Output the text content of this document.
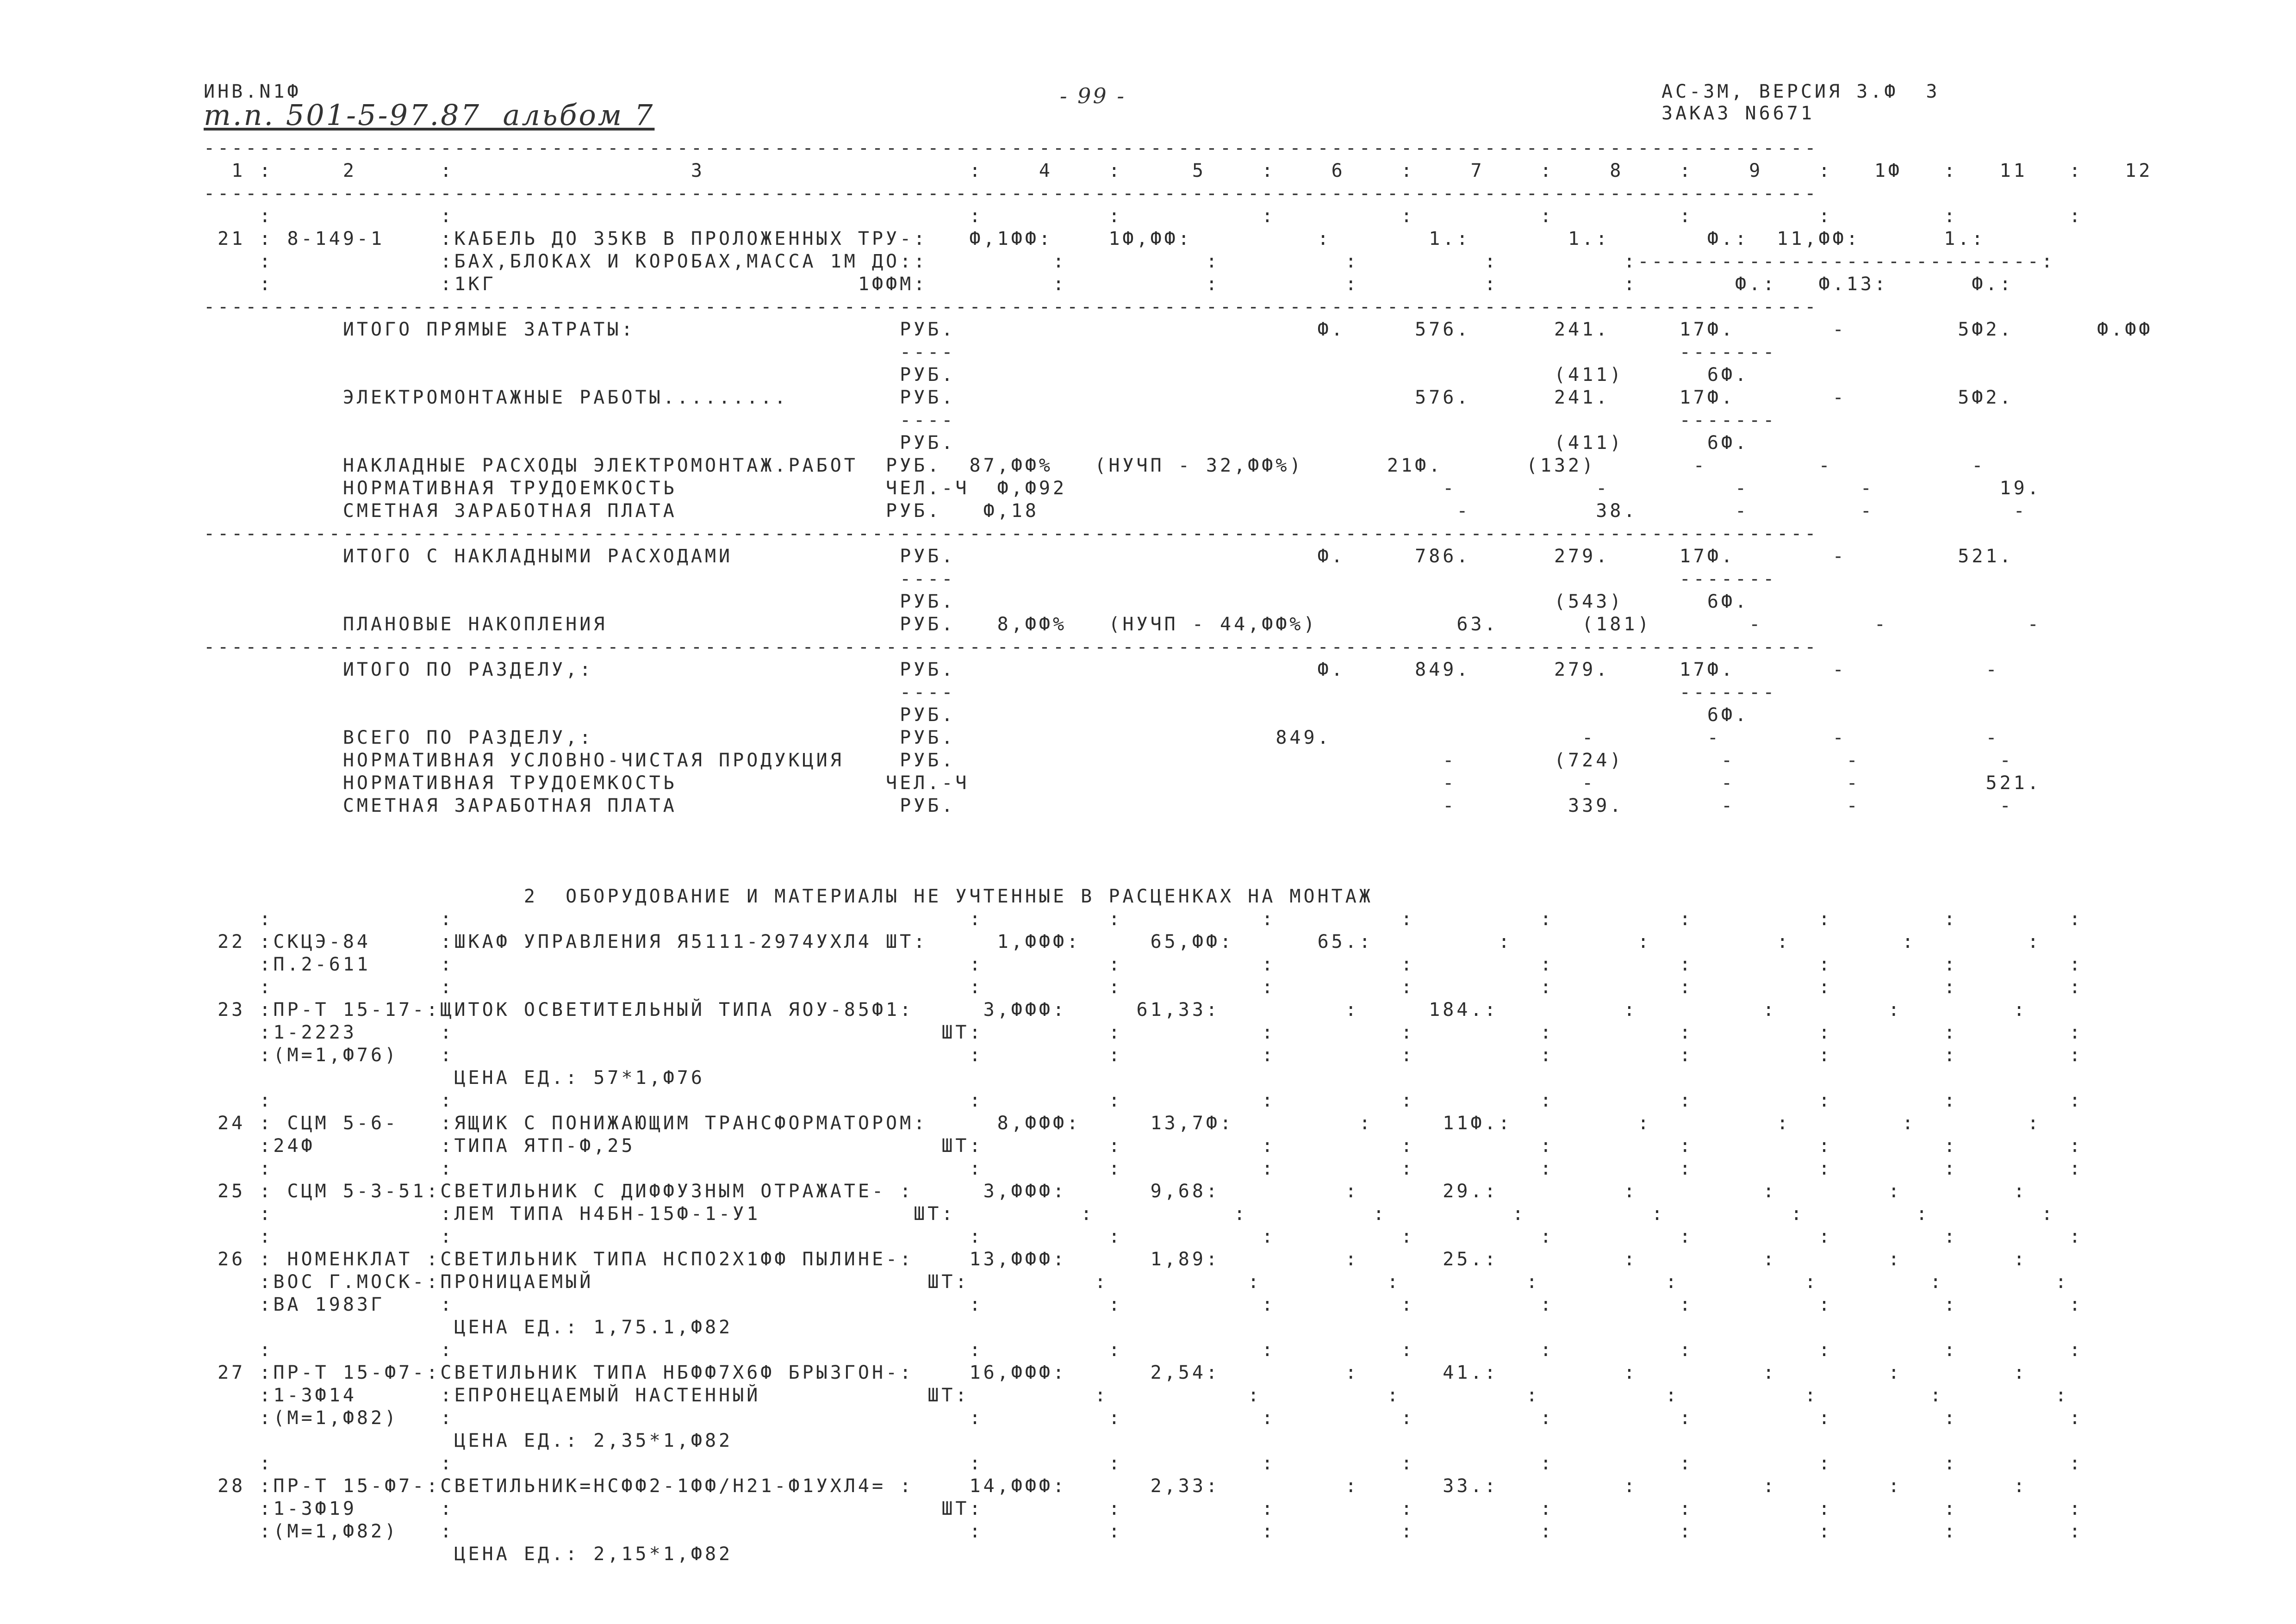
ИНВ.N1Ф	- 99 -	АС-3М, ВЕРСИЯ 3.Ф  3
ЗАКАЗ N6671
т.п. 501-5-97.87  альбом 7
--------------------------------------------------------------------------------------------------------------------
1 :     2      :                 3                   :    4    :     5    :    6    :    7    :    8    :    9    :   1Ф   :   11   :   12
--------------------------------------------------------------------------------------------------------------------
:            :                                     :         :          :         :         :         :         :        :        :
21 : 8-149-1    :КАБЕЛЬ ДО 35КВ В ПРОЛОЖЕННЫХ ТРУ-:   Ф,1ФФ:    1Ф,ФФ:         :       1.:       1.:       Ф.:  11,ФФ:      1.:
:            :БАХ,БЛОКАХ И КОРОБАХ,МАССА 1М ДО::         :          :         :         :         :-----------------------------:
:            :1КГ                          1ФФМ:         :          :         :         :         :       Ф.:   Ф.13:      Ф.:
--------------------------------------------------------------------------------------------------------------------
ИТОГО ПРЯМЫЕ ЗАТРАТЫ:                   РУБ.                          Ф.     576.      241.     17Ф.       -        5Ф2.      Ф.ФФ
----                                                    -------
РУБ.                                           (411)      6Ф.
ЭЛЕКТРОМОНТАЖНЫЕ РАБОТЫ.........        РУБ.                                 576.      241.     17Ф.       -        5Ф2.
----                                                    -------
РУБ.                                           (411)      6Ф.
НАКЛАДНЫЕ РАСХОДЫ ЭЛЕКТРОМОНТАЖ.РАБОТ  РУБ.  87,ФФ%   (НУЧП - 32,ФФ%)      21Ф.      (132)       -        -          -
НОРМАТИВНАЯ ТРУДОЕМКОСТЬ               ЧЕЛ.-Ч  Ф,Ф92                           -          -         -        -         19.
СМЕТНАЯ ЗАРАБОТНАЯ ПЛАТА               РУБ.   Ф,18                              -         38.       -        -          -
--------------------------------------------------------------------------------------------------------------------
ИТОГО С НАКЛАДНЫМИ РАСХОДАМИ            РУБ.                          Ф.     786.      279.     17Ф.       -        521.
----                                                    -------
РУБ.                                           (543)      6Ф.
ПЛАНОВЫЕ НАКОПЛЕНИЯ                     РУБ.   8,ФФ%   (НУЧП - 44,ФФ%)          63.      (181)       -        -          -
--------------------------------------------------------------------------------------------------------------------
ИТОГО ПО РАЗДЕЛУ,:                      РУБ.                          Ф.     849.      279.     17Ф.       -          -
----                                                    -------
РУБ.                                                      6Ф.
ВСЕГО ПО РАЗДЕЛУ,:                      РУБ.                       849.                  -        -        -          -
НОРМАТИВНАЯ УСЛОВНО-ЧИСТАЯ ПРОДУКЦИЯ    РУБ.                                   -       (724)       -        -          -
НОРМАТИВНАЯ ТРУДОЕМКОСТЬ               ЧЕЛ.-Ч                                  -         -         -        -         521.
СМЕТНАЯ ЗАРАБОТНАЯ ПЛАТА                РУБ.                                   -        339.       -        -          -
2  ОБОРУДОВАНИЕ И МАТЕРИАЛЫ НЕ УЧТЕННЫЕ В РАСЦЕНКАХ НА МОНТАЖ
:            :                                     :         :          :         :         :         :         :        :        :
22 :СКЦЭ-84     :ШКАФ УПРАВЛЕНИЯ Я5111-2974УХЛ4 ШТ:     1,ФФФ:     65,ФФ:      65.:         :         :         :        :        :
:П.2-611     :                                     :         :          :         :         :         :         :        :        :
:            :                                     :         :          :         :         :         :         :        :        :
23 :ПР-Т 15-17-:ЩИТОК ОСВЕТИТЕЛЬНЫЙ ТИПА ЯОУ-85Ф1:     3,ФФФ:     61,33:         :     184.:         :         :        :        :
:1-2223      :                                   ШТ:         :          :         :         :         :         :        :        :
:(М=1,Ф76)   :                                     :         :          :         :         :         :         :        :        :
ЦЕНА ЕД.: 57*1,Ф76
:            :                                     :         :          :         :         :         :         :        :        :
24 : СЦМ 5-6-   :ЯЩИК С ПОНИЖАЮЩИМ ТРАНСФОРМАТОРОМ:     8,ФФФ:     13,7Ф:         :     11Ф.:         :         :        :        :
:24Ф         :ТИПА ЯТП-Ф,25                      ШТ:         :          :         :         :         :         :        :        :
:            :                                     :         :          :         :         :         :         :        :        :
25 : СЦМ 5-3-51:СВЕТИЛЬНИК С ДИФФУЗНЫМ ОТРАЖАТЕ- :     3,ФФФ:      9,68:         :      29.:         :         :        :        :
:            :ЛЕМ ТИПА Н4БН-15Ф-1-У1           ШТ:         :          :         :         :         :         :        :        :
:            :                                     :         :          :         :         :         :         :        :        :
26 : НОМЕНКЛАТ :СВЕТИЛЬНИК ТИПА НСПО2Х1ФФ ПЫЛИНЕ-:    13,ФФФ:      1,89:         :      25.:         :         :        :        :
:ВОС Г.МОСК-:ПРОНИЦАЕМЫЙ                        ШТ:         :          :         :         :         :         :        :        :
:ВА 1983Г    :                                     :         :          :         :         :         :         :        :        :
ЦЕНА ЕД.: 1,75.1,Ф82
:            :                                     :         :          :         :         :         :         :        :        :
27 :ПР-Т 15-Ф7-:СВЕТИЛЬНИК ТИПА НБФФ7Х6Ф БРЫЗГОН-:    16,ФФФ:      2,54:         :      41.:         :         :        :        :
:1-3Ф14      :ЕПРОНЕЦАЕМЫЙ НАСТЕННЫЙ            ШТ:         :          :         :         :         :         :        :        :
:(М=1,Ф82)   :                                     :         :          :         :         :         :         :        :        :
ЦЕНА ЕД.: 2,35*1,Ф82
:            :                                     :         :          :         :         :         :         :        :        :
28 :ПР-Т 15-Ф7-:СВЕТИЛЬНИК=НСФФ2-1ФФ/Н21-Ф1УХЛ4= :    14,ФФФ:      2,33:         :      33.:         :         :        :        :
:1-3Ф19      :                                   ШТ:         :          :         :         :         :         :        :        :
:(М=1,Ф82)   :                                     :         :          :         :         :         :         :        :        :
ЦЕНА ЕД.: 2,15*1,Ф82
